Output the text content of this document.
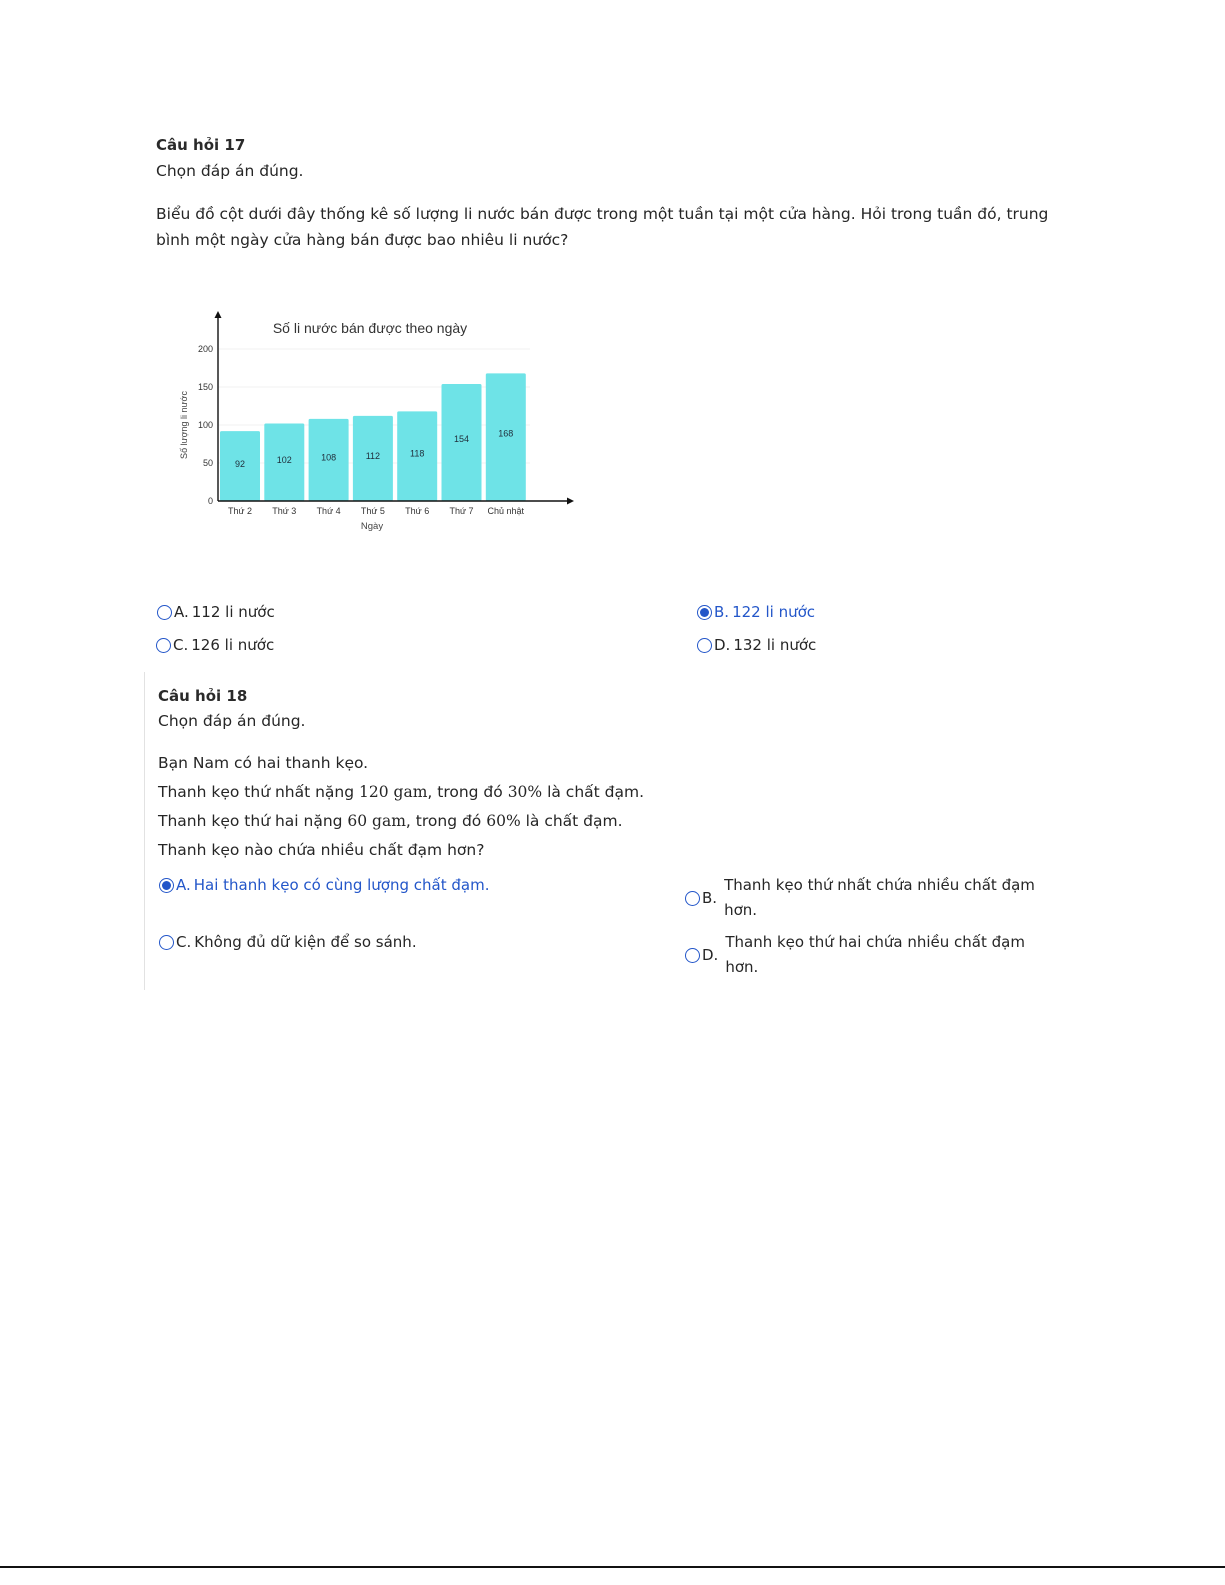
Câu hỏi 17
Chọn đáp án đúng.
Biểu đồ cột dưới đây thống kê số lượng li nước bán được trong một tuần tại một cửa hàng. Hỏi trong tuần đó, trung
bình một ngày cửa hàng bán được bao nhiêu li nước?
Số li nước bán được theo ngày
Số lượng li nước
Ngày
92	102	108	112	118
154
168
0
50
100
150
200
Thứ 2 Thứ 3 Thứ 4 Thứ 5 Thứ 6 Thứ 7 Chủ nhật
A. 112 li nước	B. 122 li nước
C. 126 li nước	D. 132 li nước
Câu hỏi 18
Chọn đáp án đúng.
Bạn Nam có hai thanh kẹo.
Thanh kẹo thứ nhất nặng 120 gam, trong đó 30% là chất đạm.
Thanh kẹo thứ hai nặng 60 gam, trong đó 60% là chất đạm.
Thanh kẹo nào chứa nhiều chất đạm hơn?
A. Hai thanh kẹo có cùng lượng chất đạm.
B.
Thanh kẹo thứ nhất chứa nhiều chất đạm hơn.
C. Không đủ dữ kiện để so sánh.
D.
Thanh kẹo thứ hai chứa nhiều chất đạm hơn.
